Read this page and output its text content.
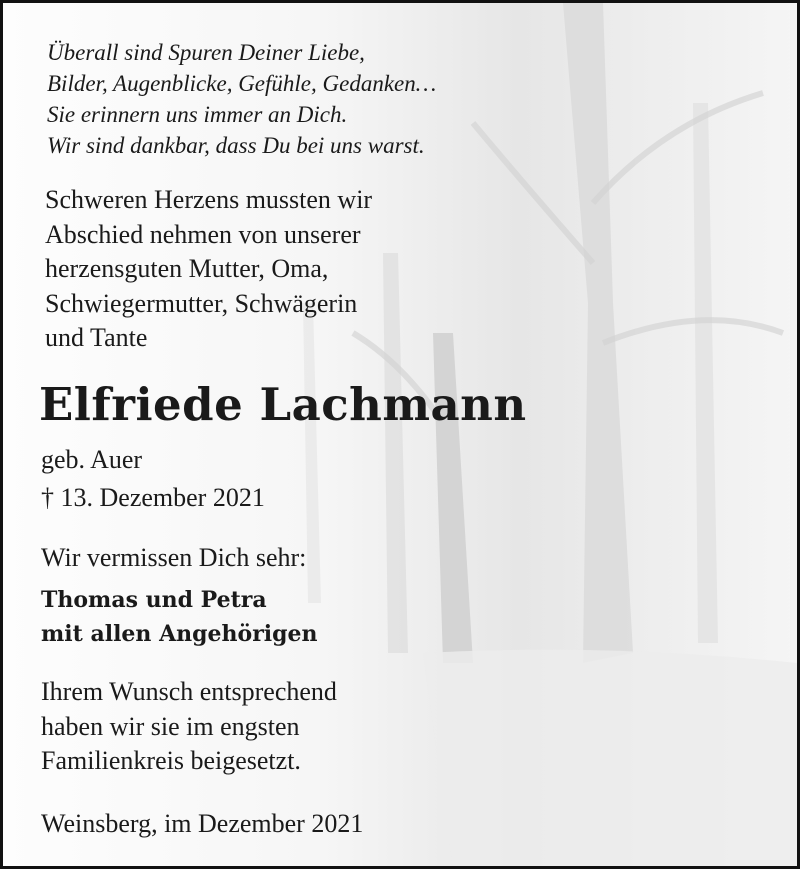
Überall sind Spuren Deiner Liebe,
Bilder, Augenblicke, Gefühle, Gedanken…
Sie erinnern uns immer an Dich.
Wir sind dankbar, dass Du bei uns warst.
Schweren Herzens mussten wir
Abschied nehmen von unserer
herzensguten Mutter, Oma,
Schwiegermutter, Schwägerin
und Tante
Elfriede Lachmann
geb. Auer
† 13. Dezember 2021
Wir vermissen Dich sehr:
Thomas und Petra
mit allen Angehörigen
Ihrem Wunsch entsprechend
haben wir sie im engsten
Familienkreis beigesetzt.
Weinsberg, im Dezember 2021
